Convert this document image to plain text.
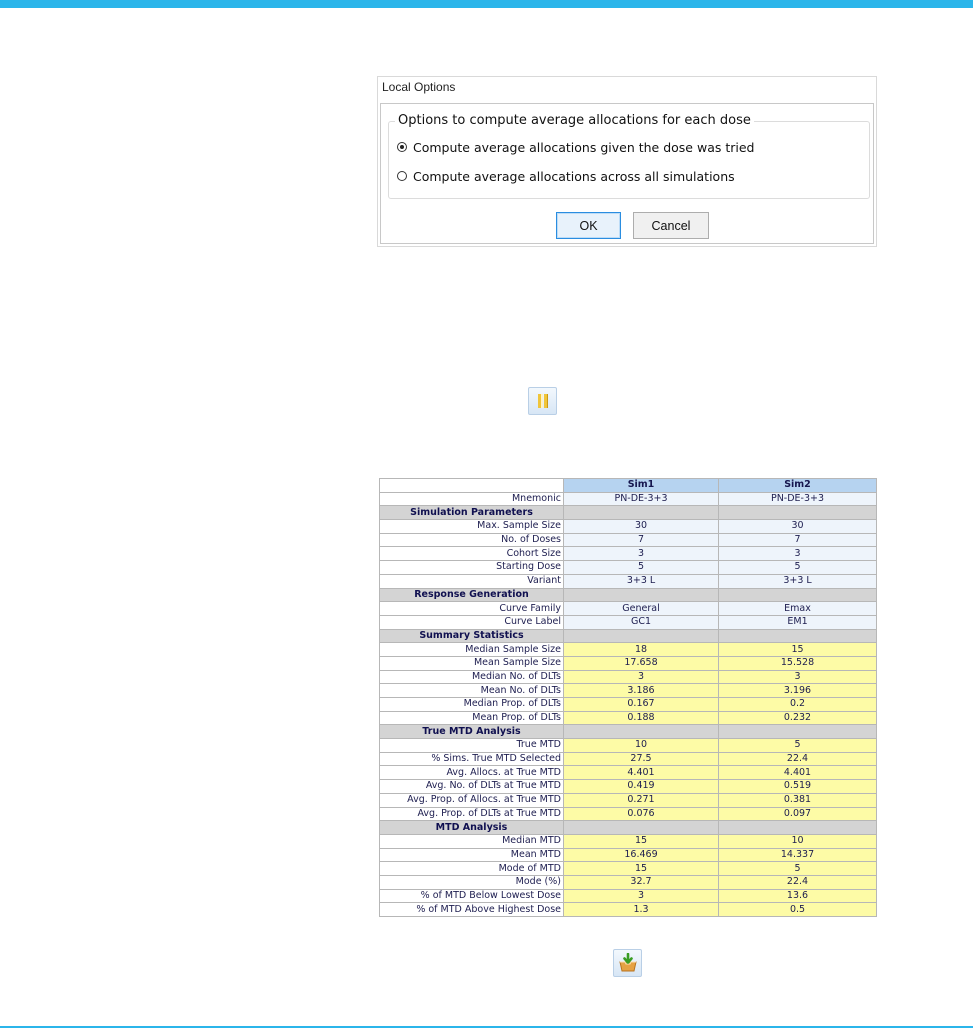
Local Options
Options to compute average allocations for each dose
Compute average allocations given the dose was tried
Compute average allocations across all simulations
OK	Cancel
	Sim1	Sim2
Mnemonic	PN-DE-3+3	PN-DE-3+3
Simulation Parameters		
Max. Sample Size	30	30
No. of Doses	7	7
Cohort Size	3	3
Starting Dose	5	5
Variant	3+3 L	3+3 L
Response Generation		
Curve Family	General	Emax
Curve Label	GC1	EM1
Summary Statistics		
Median Sample Size	18	15
Mean Sample Size	17.658	15.528
Median No. of DLTs	3	3
Mean No. of DLTs	3.186	3.196
Median Prop. of DLTs	0.167	0.2
Mean Prop. of DLTs	0.188	0.232
True MTD Analysis		
True MTD	10	5
% Sims. True MTD Selected	27.5	22.4
Avg. Allocs. at True MTD	4.401	4.401
Avg. No. of DLTs at True MTD	0.419	0.519
Avg. Prop. of Allocs. at True MTD	0.271	0.381
Avg. Prop. of DLTs at True MTD	0.076	0.097
MTD Analysis		
Median MTD	15	10
Mean MTD	16.469	14.337
Mode of MTD	15	5
Mode (%)	32.7	22.4
% of MTD Below Lowest Dose	3	13.6
% of MTD Above Highest Dose	1.3	0.5
